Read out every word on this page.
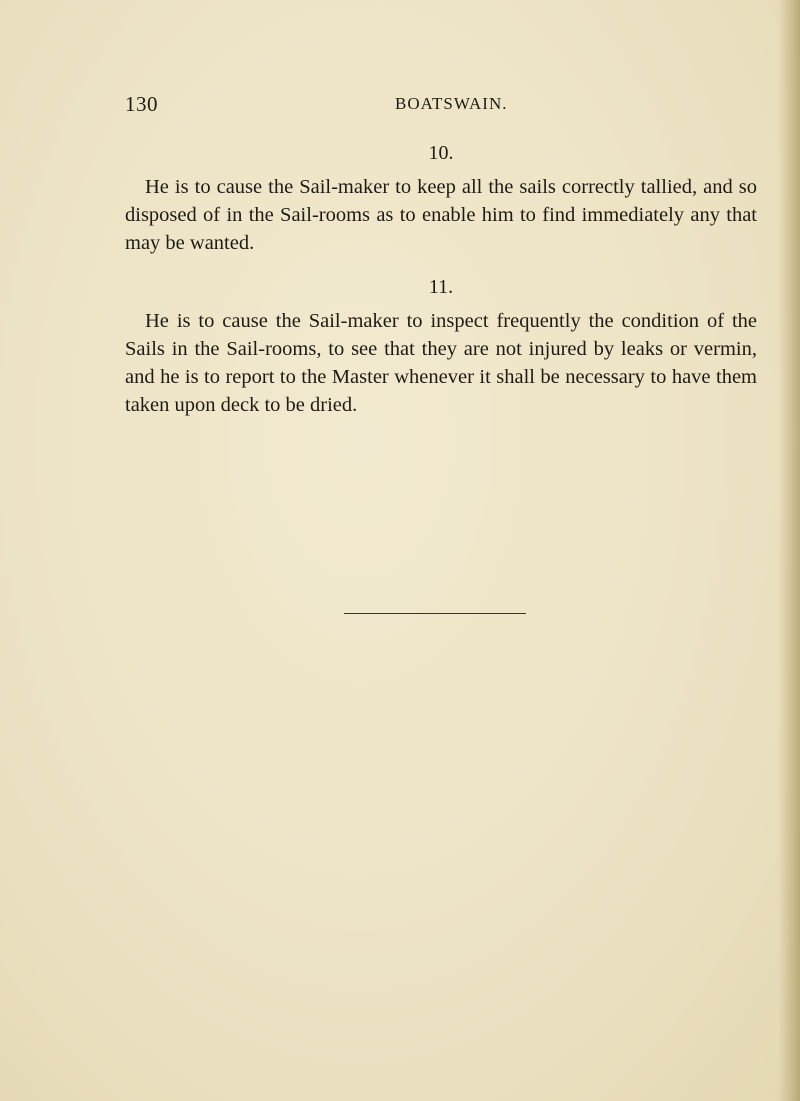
130	BOATSWAIN.
10.

He is to cause the Sail-maker to keep all the sails correctly tallied, and so disposed of in the Sail-rooms as to enable him to find immediately any that may be wanted.

11.

He is to cause the Sail-maker to inspect frequently the condition of the Sails in the Sail-rooms, to see that they are not injured by leaks or vermin, and he is to report to the Master whenever it shall be necessary to have them taken upon deck to be dried.
